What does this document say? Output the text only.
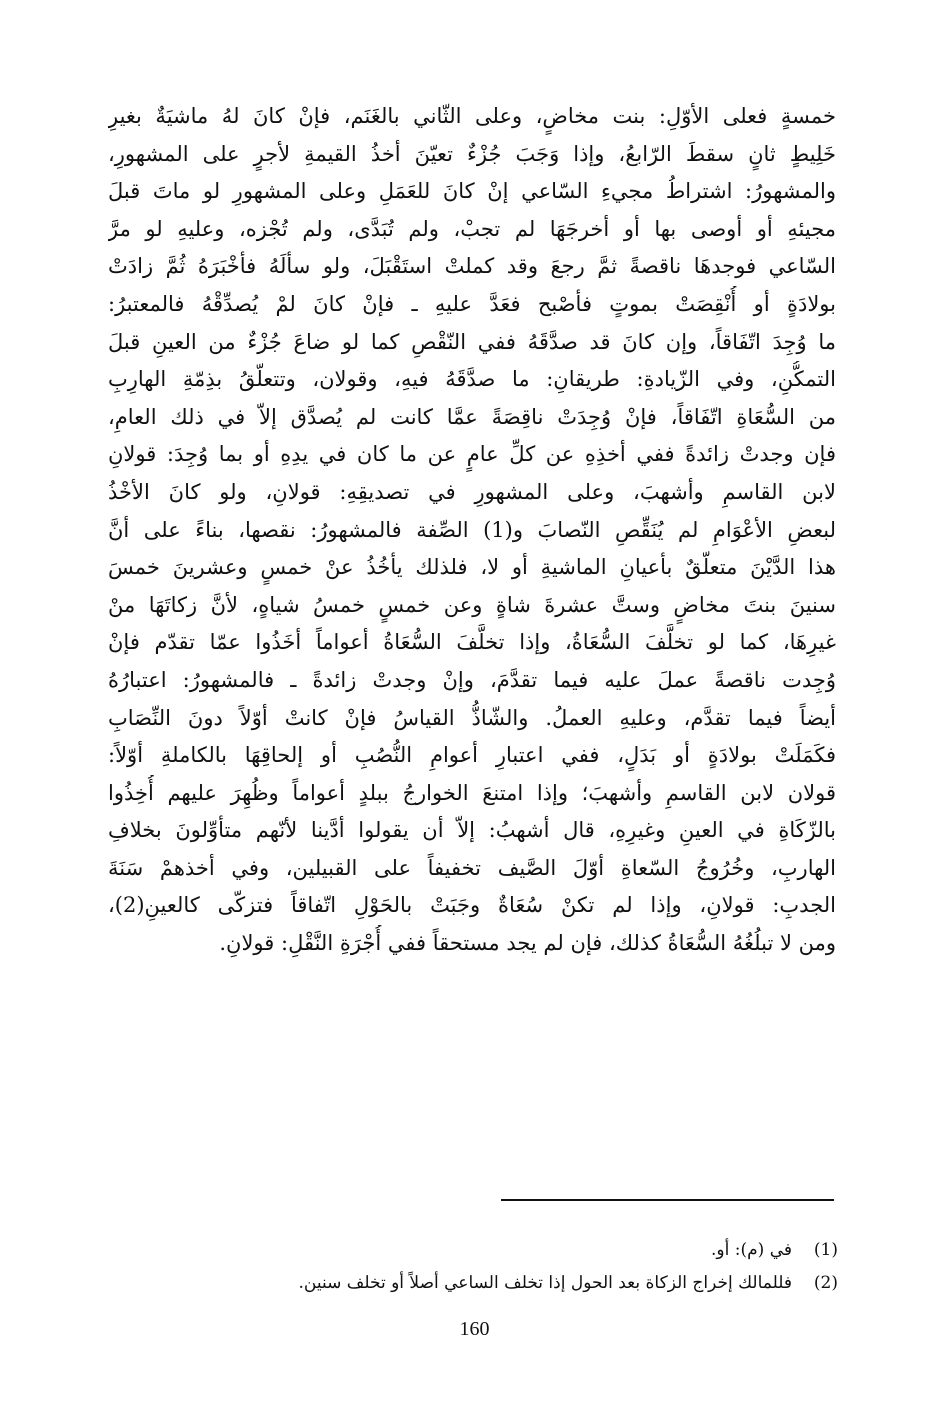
خمسةٍ فعلى الأوّلِ: بنت مخاضٍ، وعلى الثّاني بالغَنَم، فإنْ كانَ لهُ ماشيَةٌ بغيرِ
خَلِيطٍ ثانٍ سقطَ الرّابعُ، وإذا وَجَبَ جُزْءٌ تعيّنَ أخذُ القيمةِ لأجرٍ على المشهورِ،
والمشهورُ: اشتراطُ مجيءِ السّاعي إنْ كانَ للعَمَلِ وعلى المشهورِ لو ماتَ قبلَ
مجيئهِ أو أوصى بها أو أخرجَهَا لم تجبْ، ولم تُبَدَّى، ولم تُجْزه، وعليهِ لو مرَّ
السّاعي فوجدهَا ناقصةً ثمَّ رجعَ وقد كملتْ استَقْبَلَ، ولو سألَهُ فأخْبَرَهُ ثُمَّ زادَتْ
بولادَةٍ أو أُنْقِصَتْ بموتٍ فأصْبح فعَدَّ عليهِ ـ فإنْ كانَ لمْ يُصدِّقْهُ فالمعتبرُ:
ما وُجِدَ اتّفَاقاً، وإن كانَ قد صدَّقَهُ ففي النّقْصِ كما لو ضاعَ جُزْءٌ من العينِ قبلَ
التمكُّنِ، وفي الزّيادةِ: طريقانِ: ما صدَّقَهُ فيهِ، وقولان، وتتعلّقُ بذِمّةِ الهارِبِ
من السُّعَاةِ اتّفَاقاً، فإنْ وُجِدَتْ ناقِصَةً عمَّا كانت لم يُصدَّق إلاّ في ذلك العامِ،
فإن وجدتْ زائدةً ففي أخذِهِ عن كلِّ عامٍ عن ما كان في يدِهِ أو بما وُجِدَ: قولانِ
لابن القاسمِ وأشهبَ، وعلى المشهورِ في تصديقِهِ: قولانِ، ولو كانَ الأخْذُ
لبعضِ الأعْوَامِ لم يُنَقِّصِ النّصابَ و(1) الصِّفة فالمشهورُ: نقصها، بناءً على أنَّ
هذا الدَّيْنَ متعلّقٌ بأعيانِ الماشيةِ أو لا، فلذلك يأخُذُ عنْ خمسٍ وعشرينَ خمسَ
سنينَ بنتَ مخاضٍ وستَّ عشرةَ شاةٍ وعن خمسٍ خمسُ شياهٍ، لأنَّ زكاتَهَا منْ
غيرِهَا، كما لو تخلَّفَ السُّعَاةُ، وإذا تخلَّفَ السُّعَاةُ أعواماً أخَذُوا عمّا تقدّم فإنْ
وُجِدت ناقصةً عملَ عليه فيما تقدَّمَ، وإنْ وجدتْ زائدةً ـ فالمشهورُ: اعتبارُهُ
أيضاً فيما تقدَّم، وعليهِ العملُ. والشّاذُّ القياسُ فإنْ كانتْ أوّلاً دونَ النِّصَابِ
فكَمَلَتْ بولادَةٍ أو بَدَلٍ، ففي اعتبارِ أعوامِ النُّصُبِ أو إلحاقِهَا بالكاملةِ أوّلاً:
قولان لابن القاسمِ وأشهبَ؛ وإذا امتنعَ الخوارجُ ببلدٍ أعواماً وظُهِرَ عليهم أُخِذُوا
بالزّكَاةِ في العينِ وغيرِهِ، قال أشهبُ: إلاّ أن يقولوا أدَّينا لأنّهم متأوِّلونَ بخلافِ
الهاربِ، وخُرُوجُ السّعاةِ أوّلَ الصَّيف تخفيفاً على القبيلين، وفي أخذهمْ سَنَةَ
الجدبِ: قولانِ، وإذا لم تكنْ سُعَاةٌ وجَبَتْ بالحَوْلِ اتّفاقاً فتزكّى كالعينِ(2)،
ومن لا تبلُغُهُ السُّعَاةُ كذلك، فإن لم يجد مستحقاً ففي أُجْرَةِ النَّقْلِ: قولانِ.
(1)في (م): أو.
(2)فللمالك إخراج الزكاة بعد الحول إذا تخلف الساعي أصلاً أو تخلف سنين.
160
